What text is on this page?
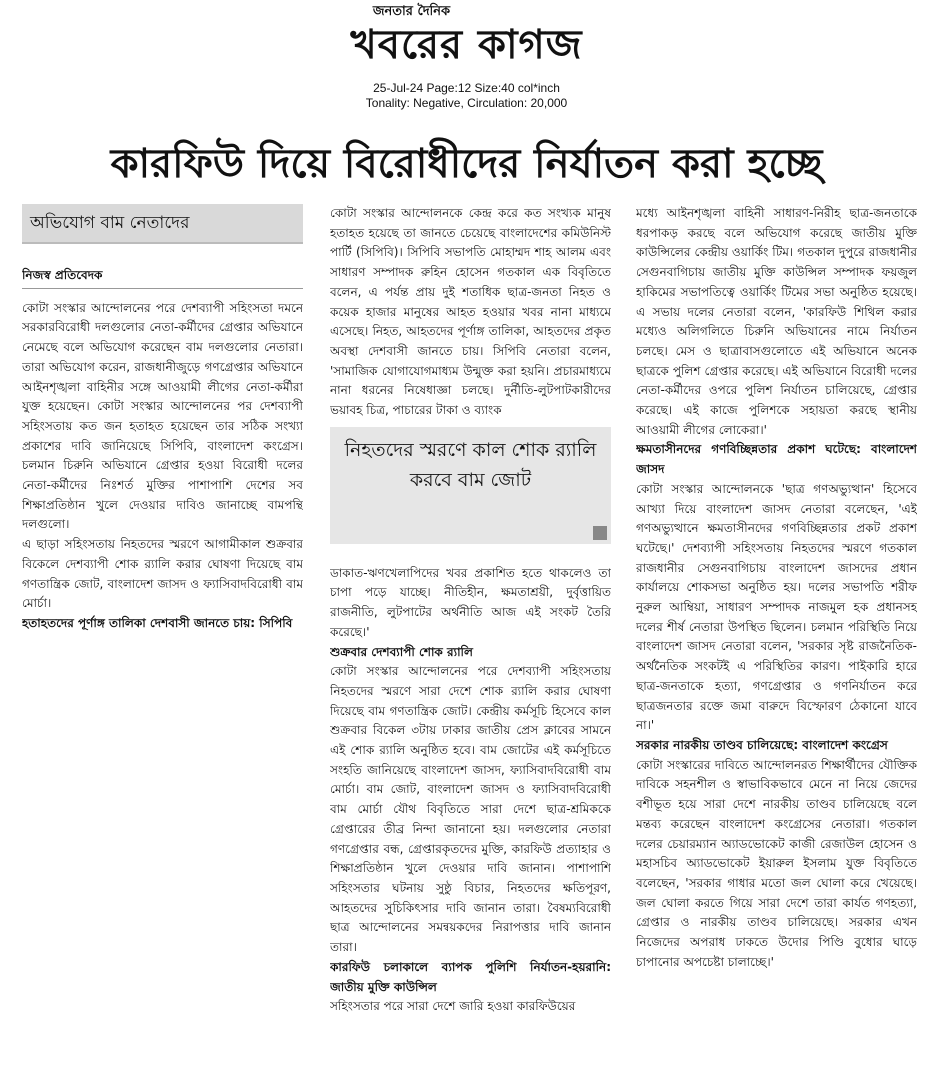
জনতার দৈনিক
খবরের কাগজ
25-Jul-24 Page:12 Size:40 col*inch
Tonality: Negative, Circulation: 20,000
কারফিউ দিয়ে বিরোধীদের নির্যাতন করা হচ্ছে
অভিযোগ বাম নেতাদের
নিজস্ব প্রতিবেদক

কোটা সংস্কার আন্দোলনের পরে দেশব্যাপী সহিংসতা দমনে সরকারবিরোধী দলগুলোর নেতা-কর্মীদের গ্রেপ্তার অভিযানে নেমেছে বলে অভিযোগ করেছেন বাম দলগুলোর নেতারা। তারা অভিযোগ করেন, রাজধানীজুড়ে গণগ্রেপ্তার অভিযানে আইনশৃঙ্খলা বাহিনীর সঙ্গে আওয়ামী লীগের নেতা-কর্মীরা যুক্ত হয়েছেন। কোটা সংস্কার আন্দোলনের পর দেশব্যাপী সহিংসতায় কত জন হতাহত হয়েছেন তার সঠিক সংখ্যা প্রকাশের দাবি জানিয়েছে সিপিবি, বাংলাদেশ কংগ্রেস। চলমান চিরুনি অভিযানে গ্রেপ্তার হওয়া বিরোধী দলের নেতা-কর্মীদের নিঃশর্ত মুক্তির পাশাপাশি দেশের সব শিক্ষাপ্রতিষ্ঠান খুলে দেওয়ার দাবিও জানাচ্ছে বামপন্থি দলগুলো।

এ ছাড়া সহিংসতায় নিহতদের স্মরণে আগামীকাল শুক্রবার বিকেলে দেশব্যাপী শোক র‌্যালি করার ঘোষণা দিয়েছে বাম গণতান্ত্রিক জোট, বাংলাদেশ জাসদ ও ফ্যাসিবাদবিরোধী বাম মোর্চা।

হতাহতদের পূর্ণাঙ্গ তালিকা দেশবাসী জানতে চায়: সিপিবি

কোটা সংস্কার আন্দোলনকে কেন্দ্র করে কত সংখ্যক মানুষ হতাহত হয়েছে তা জানতে চেয়েছে বাংলাদেশের কমিউনিস্ট পার্টি (সিপিবি)। সিপিবি সভাপতি মোহাম্মদ শাহ আলম এবং সাধারণ সম্পাদক রুহিন হোসেন গতকাল এক বিবৃতিতে বলেন, এ পর্যন্ত প্রায় দুই শতাধিক ছাত্র-জনতা নিহত ও কয়েক হাজার মানুষের আহত হওয়ার খবর নানা মাধ্যমে এসেছে। নিহত, আহতদের পূর্ণাঙ্গ তালিকা, আহতদের প্রকৃত অবস্থা দেশবাসী জানতে চায়। সিপিবি নেতারা বলেন, 'সামাজিক যোগাযোগমাধ্যম উন্মুক্ত করা হয়নি। প্রচারমাধ্যমে নানা ধরনের নিষেধাজ্ঞা চলছে। দুর্নীতি-লুটপাটকারীদের ভয়াবহ চিত্র, পাচারের টাকা ও ব্যাংক

নিহতদের স্মরণে কাল শোক র‌্যালি করবে বাম জোট

ডাকাত-ঋণখেলাপিদের খবর প্রকাশিত হতে থাকলেও তা চাপা পড়ে যাচ্ছে। নীতিহীন, ক্ষমতাশ্রয়ী, দুর্বৃত্তায়িত রাজনীতি, লুটপাটের অর্থনীতি আজ এই সংকট তৈরি করেছে।'

শুক্রবার দেশব্যাপী শোক র‌্যালি

কোটা সংস্কার আন্দোলনের পরে দেশব্যাপী সহিংসতায় নিহতদের স্মরণে সারা দেশে শোক র‌্যালি করার ঘোষণা দিয়েছে বাম গণতান্ত্রিক জোট। কেন্দ্রীয় কর্মসূচি হিসেবে কাল শুক্রবার বিকেল ৩টায় ঢাকার জাতীয় প্রেস ক্লাবের সামনে এই শোক র‌্যালি অনুষ্ঠিত হবে। বাম জোটের এই কর্মসূচিতে সংহতি জানিয়েছে বাংলাদেশ জাসদ, ফ্যাসিবাদবিরোধী বাম মোর্চা। বাম জোট, বাংলাদেশ জাসদ ও ফ্যাসিবাদবিরোধী বাম মোর্চা যৌথ বিবৃতিতে সারা দেশে ছাত্র-শ্রমিককে গ্রেপ্তারের তীব্র নিন্দা জানানো হয়। দলগুলোর নেতারা গণগ্রেপ্তার বন্ধ, গ্রেপ্তারকৃতদের মুক্তি, কারফিউ প্রত্যাহার ও শিক্ষাপ্রতিষ্ঠান খুলে দেওয়ার দাবি জানান। পাশাপাশি সহিংসতার ঘটনায় সুষ্ঠু বিচার, নিহতদের ক্ষতিপূরণ, আহতদের সুচিকিৎসার দাবি জানান তারা। বৈষম্যবিরোধী ছাত্র আন্দোলনের সমন্বয়কদের নিরাপত্তার দাবি জানান তারা।

কারফিউ চলাকালে ব্যাপক পুলিশি নির্যাতন-হয়রানি: জাতীয় মুক্তি কাউন্সিল

সহিংসতার পরে সারা দেশে জারি হওয়া কারফিউয়ের

মধ্যে আইনশৃঙ্খলা বাহিনী সাধারণ-নিরীহ ছাত্র-জনতাকে ধরপাকড় করছে বলে অভিযোগ করেছে জাতীয় মুক্তি কাউন্সিলের কেন্দ্রীয় ওয়ার্কিং টিম। গতকাল দুপুরে রাজধানীর সেগুনবাগিচায় জাতীয় মুক্তি কাউন্সিল সম্পাদক ফয়জুল হাকিমের সভাপতিত্বে ওয়ার্কিং টিমের সভা অনুষ্ঠিত হয়েছে। এ সভায় দলের নেতারা বলেন, 'কারফিউ শিথিল করার মধ্যেও অলিগলিতে চিরুনি অভিযানের নামে নির্যাতন চলছে। মেস ও ছাত্রাবাসগুলোতে এই অভিযানে অনেক ছাত্রকে পুলিশ গ্রেপ্তার করেছে। এই অভিযানে বিরোধী দলের নেতা-কর্মীদের ওপরে পুলিশ নির্যাতন চালিয়েছে, গ্রেপ্তার করেছে। এই কাজে পুলিশকে সহায়তা করছে স্থানীয় আওয়ামী লীগের লোকেরা।'

ক্ষমতাসীনদের গণবিচ্ছিন্নতার প্রকাশ ঘটেছে: বাংলাদেশ জাসদ

কোটা সংস্কার আন্দোলনকে 'ছাত্র গণঅভ্যুত্থান' হিসেবে আখ্যা দিয়ে বাংলাদেশ জাসদ নেতারা বলেছেন, 'এই গণঅভ্যুত্থানে ক্ষমতাসীনদের গণবিচ্ছিন্নতার প্রকট প্রকাশ ঘটেছে।' দেশব্যাপী সহিংসতায় নিহতদের স্মরণে গতকাল রাজধানীর সেগুনবাগিচায় বাংলাদেশ জাসদের প্রধান কার্যালয়ে শোকসভা অনুষ্ঠিত হয়। দলের সভাপতি শরীফ নুরুল আম্বিয়া, সাধারণ সম্পাদক নাজমুল হক প্রধানসহ দলের শীর্ষ নেতারা উপস্থিত ছিলেন। চলমান পরিস্থিতি নিয়ে বাংলাদেশ জাসদ নেতারা বলেন, 'সরকার সৃষ্ট রাজনৈতিক-অর্থনৈতিক সংকটই এ পরিস্থিতির কারণ। পাইকারি হারে ছাত্র-জনতাকে হত্যা, গণগ্রেপ্তার ও গণনির্যাতন করে ছাত্রজনতার রক্তে জমা বারুদে বিস্ফোরণ ঠেকানো যাবে না।'

সরকার নারকীয় তাণ্ডব চালিয়েছে: বাংলাদেশ কংগ্রেস

কোটা সংস্কারের দাবিতে আন্দোলনরত শিক্ষার্থীদের যৌক্তিক দাবিকে সহনশীল ও স্বাভাবিকভাবে মেনে না নিয়ে জেদের বশীভূত হয়ে সারা দেশে নারকীয় তাণ্ডব চালিয়েছে বলে মন্তব্য করেছেন বাংলাদেশ কংগ্রেসের নেতারা। গতকাল দলের চেয়ারম্যান অ্যাডভোকেট কাজী রেজাউল হোসেন ও মহাসচিব অ্যাডভোকেট ইয়ারুল ইসলাম যুক্ত বিবৃতিতে বলেছেন, 'সরকার গাধার মতো জল ঘোলা করে খেয়েছে। জল ঘোলা করতে গিয়ে সারা দেশে তারা কার্যত গণহত্যা, গ্রেপ্তার ও নারকীয় তাণ্ডব চালিয়েছে। সরকার এখন নিজেদের অপরাধ ঢাকতে উদোর পিণ্ডি বুধোর ঘাড়ে চাপানোর অপচেষ্টা চালাচ্ছে।'
